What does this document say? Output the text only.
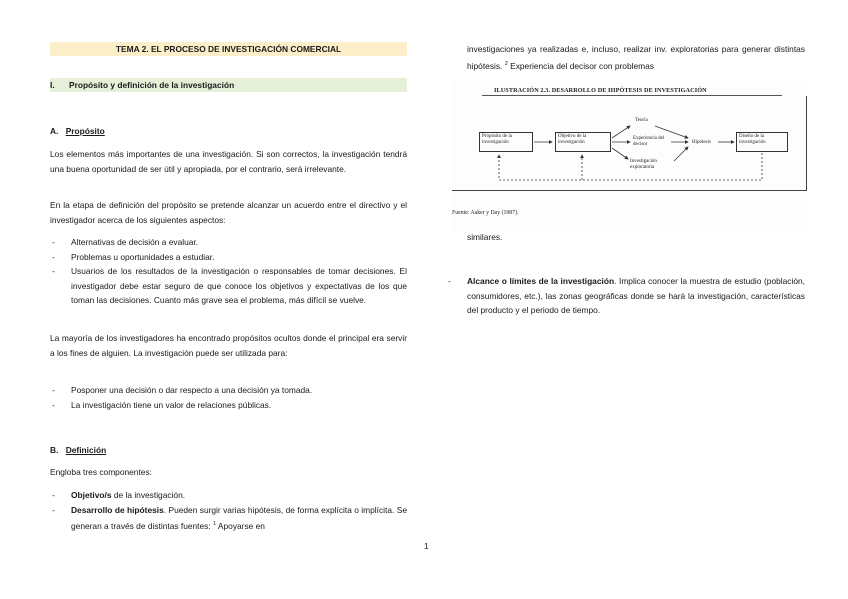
TEMA 2. EL PROCESO DE INVESTIGACIÓN COMERCIAL
I. Propósito y definición de la investigación
A. Propósito
Los elementos más importantes de una investigación. Si son correctos, la investigación tendrá una buena oportunidad de ser útil y apropiada, por el contrario, será irrelevante.
En la etapa de definición del propósito se pretende alcanzar un acuerdo entre el directivo y el investigador acerca de los siguientes aspectos:
- Alternativas de decisión a evaluar.
- Problemas u oportunidades a estudiar.
- Usuarios de los resultados de la investigación o responsables de tomar decisiones. El investigador debe estar seguro de que conoce los objetivos y expectativas de los que toman las decisiones. Cuanto más grave sea el problema, más difícil se vuelve.
La mayoría de los investigadores ha encontrado propósitos ocultos donde el principal era servir a los fines de alguien. La investigación puede ser utilizada para:
- Posponer una decisión o dar respecto a una decisión ya tomada.
- La investigación tiene un valor de relaciones públicas.
B. Definición
Engloba tres componentes:
- Objetivo/s de la investigación.
- Desarrollo de hipótesis. Pueden surgir varias hipótesis, de forma explícita o implícita. Se generan a través de distintas fuentes: $^1$ Apoyarse en
investigaciones ya realizadas e, incluso, realizar inv. exploratorias para generar distintas hipótesis. $^2$ Experiencia del decisor con problemas
ILUSTRACIÓN 2.3. DESARROLLO DE HIPÓTESIS DE INVESTIGACIÓN
Propósito de la investigación
Objetivo de la investigación
Teoría
Experiencia del decisor
Investigación exploratoria
Hipótesis
Diseño de la investigación
Fuente: Aaker y Day (1987).
similares.
- Alcance o límites de la investigación. Implica conocer la muestra de estudio (población, consumidores, etc.), las zonas geográficas donde se hará la investigación, características del producto y el periodo de tiempo.
1
